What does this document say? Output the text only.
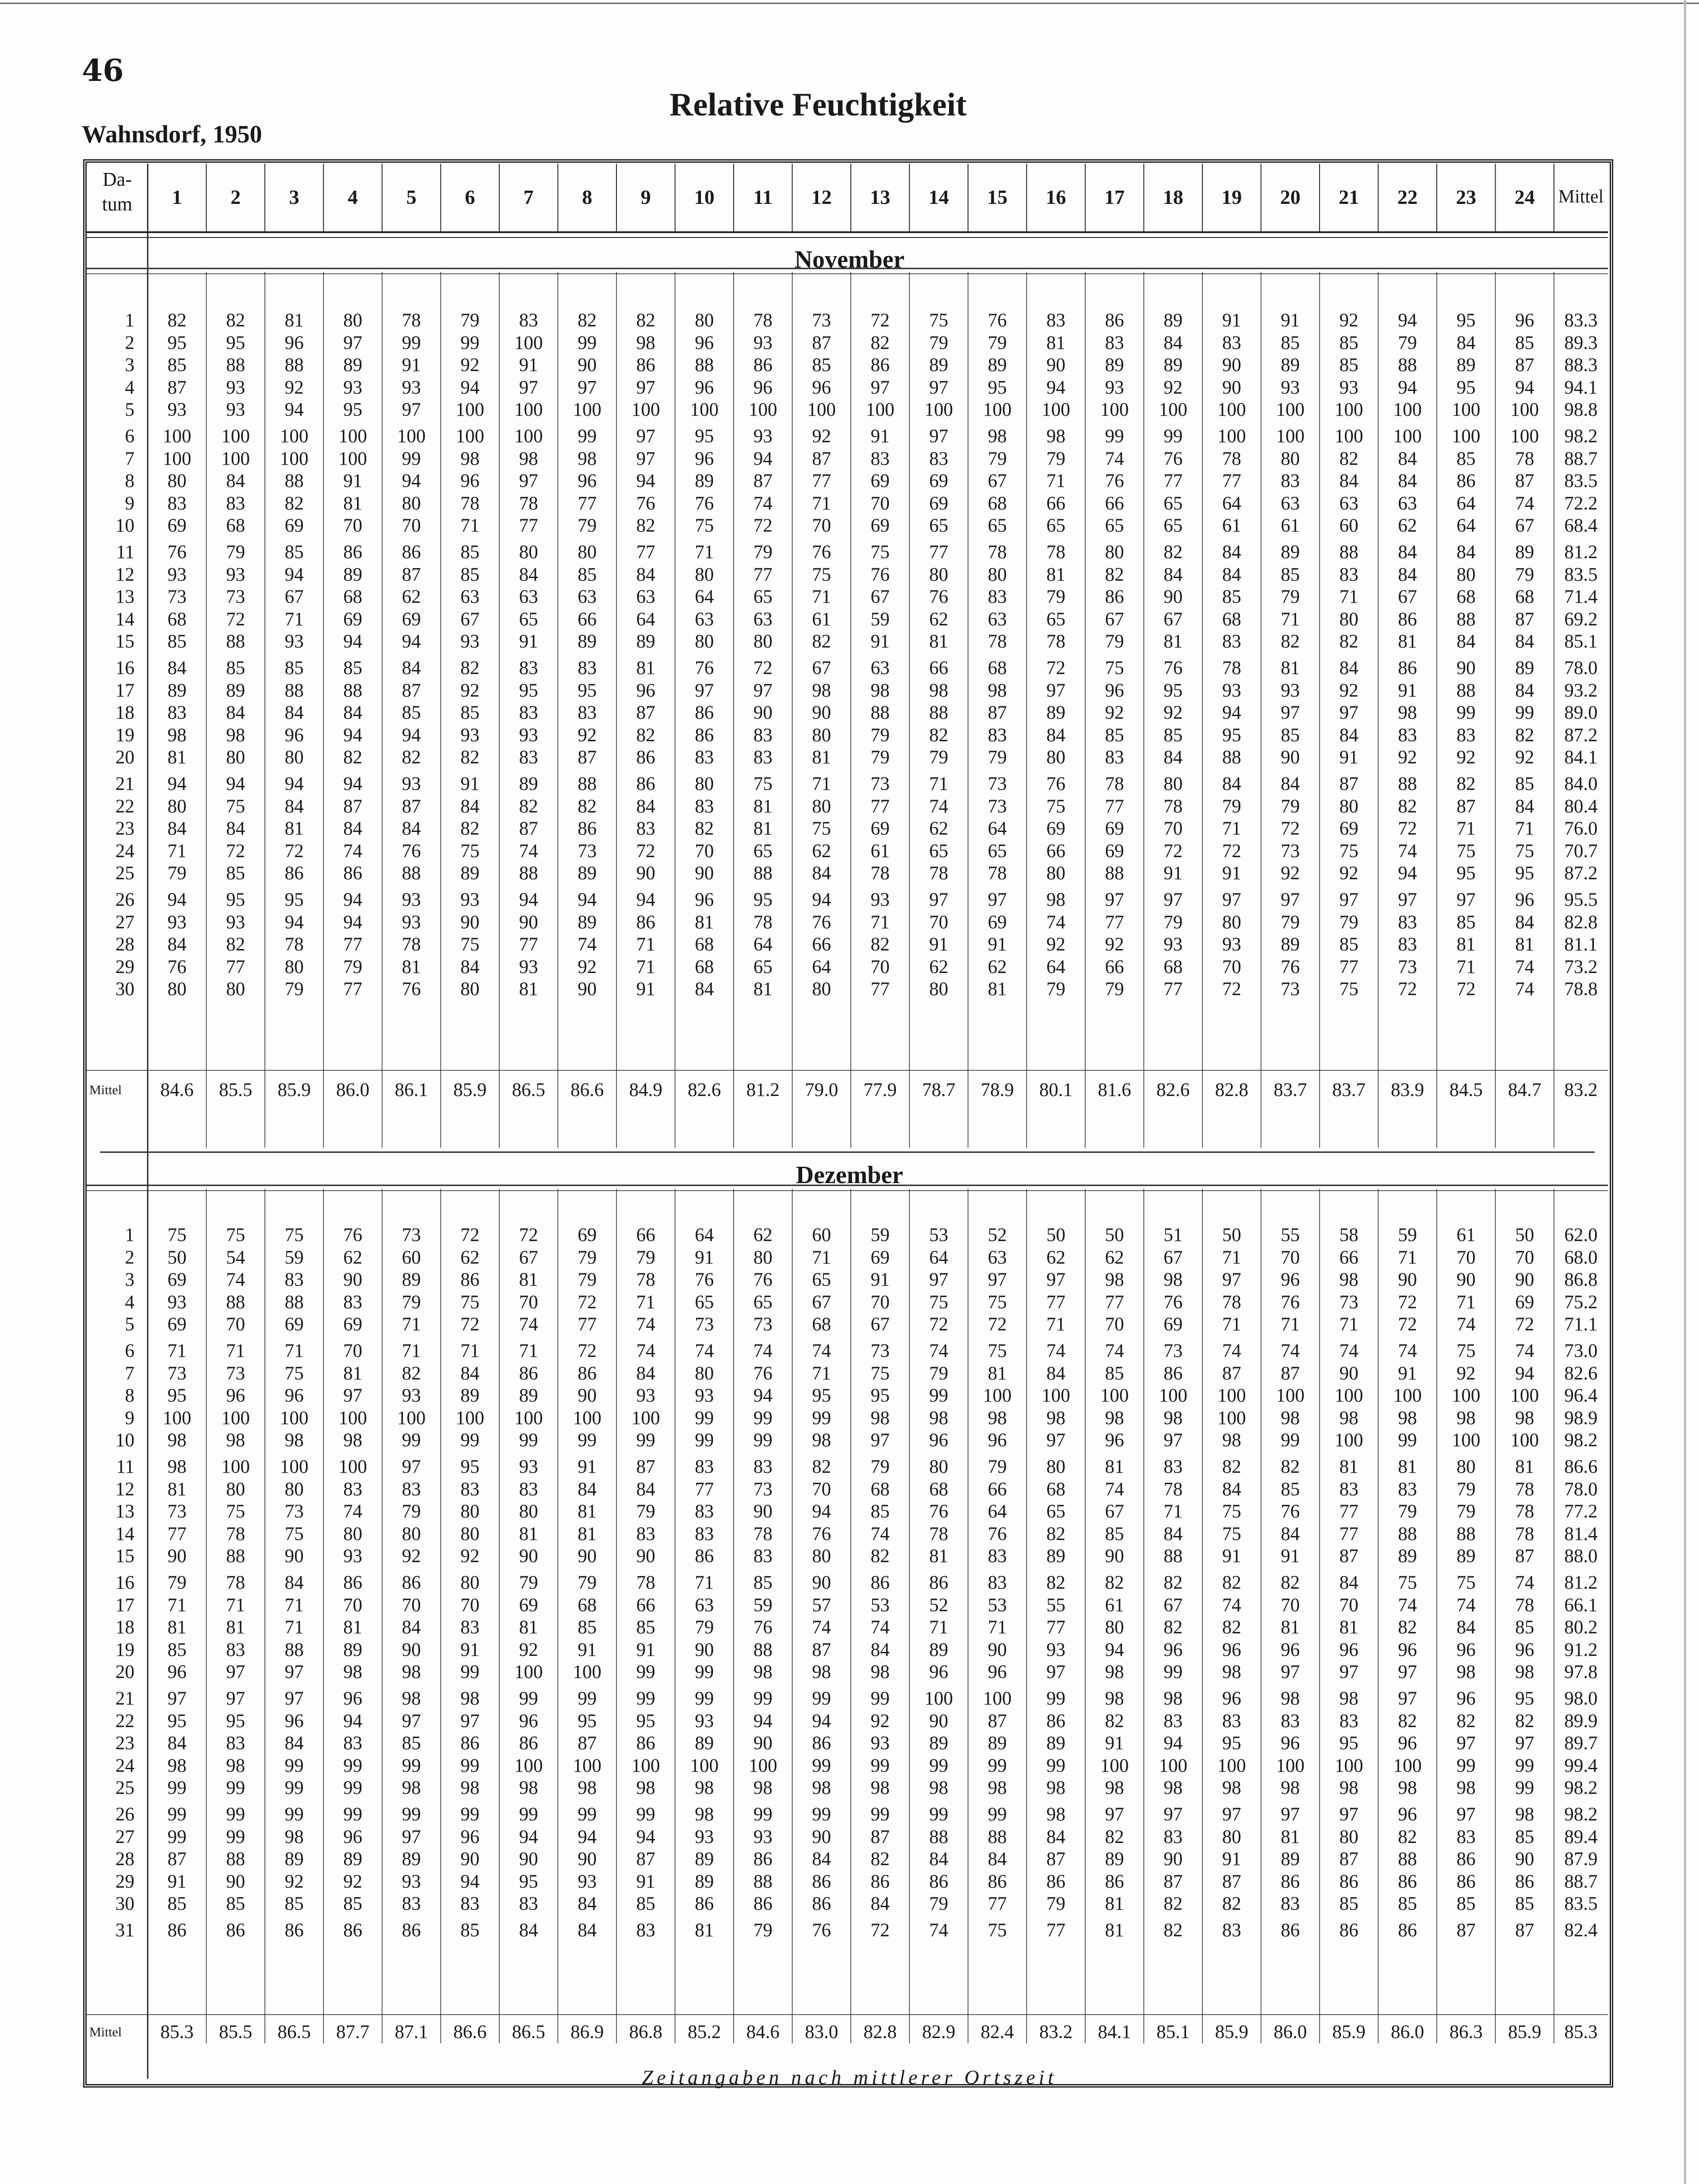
46
Relative Feuchtigkeit
Wahnsdorf, 1950
Da-
tum	1	2	3	4	5	6	7	8	9	10	11	12	13	14	15	16	17	18	19	20	21	22	23	24	Mittel
November
Dezember
1	82	82	81	80	78	79	83	82	82	80	78	73	72	75	76	83	86	89	91	91	92	94	95	96	83.3
2	95	95	96	97	99	99	100	99	98	96	93	87	82	79	79	81	83	84	83	85	85	79	84	85	89.3
3	85	88	88	89	91	92	91	90	86	88	86	85	86	89	89	90	89	89	90	89	85	88	89	87	88.3
4	87	93	92	93	93	94	97	97	97	96	96	96	97	97	95	94	93	92	90	93	93	94	95	94	94.1
5	93	93	94	95	97	100	100	100	100	100	100	100	100	100	100	100	100	100	100	100	100	100	100	100	98.8
6	100	100	100	100	100	100	100	99	97	95	93	92	91	97	98	98	99	99	100	100	100	100	100	100	98.2
7	100	100	100	100	99	98	98	98	97	96	94	87	83	83	79	79	74	76	78	80	82	84	85	78	88.7
8	80	84	88	91	94	96	97	96	94	89	87	77	69	69	67	71	76	77	77	83	84	84	86	87	83.5
9	83	83	82	81	80	78	78	77	76	76	74	71	70	69	68	66	66	65	64	63	63	63	64	74	72.2
10	69	68	69	70	70	71	77	79	82	75	72	70	69	65	65	65	65	65	61	61	60	62	64	67	68.4
11	76	79	85	86	86	85	80	80	77	71	79	76	75	77	78	78	80	82	84	89	88	84	84	89	81.2
12	93	93	94	89	87	85	84	85	84	80	77	75	76	80	80	81	82	84	84	85	83	84	80	79	83.5
13	73	73	67	68	62	63	63	63	63	64	65	71	67	76	83	79	86	90	85	79	71	67	68	68	71.4
14	68	72	71	69	69	67	65	66	64	63	63	61	59	62	63	65	67	67	68	71	80	86	88	87	69.2
15	85	88	93	94	94	93	91	89	89	80	80	82	91	81	78	78	79	81	83	82	82	81	84	84	85.1
16	84	85	85	85	84	82	83	83	81	76	72	67	63	66	68	72	75	76	78	81	84	86	90	89	78.0
17	89	89	88	88	87	92	95	95	96	97	97	98	98	98	98	97	96	95	93	93	92	91	88	84	93.2
18	83	84	84	84	85	85	83	83	87	86	90	90	88	88	87	89	92	92	94	97	97	98	99	99	89.0
19	98	98	96	94	94	93	93	92	82	86	83	80	79	82	83	84	85	85	95	85	84	83	83	82	87.2
20	81	80	80	82	82	82	83	87	86	83	83	81	79	79	79	80	83	84	88	90	91	92	92	92	84.1
21	94	94	94	94	93	91	89	88	86	80	75	71	73	71	73	76	78	80	84	84	87	88	82	85	84.0
22	80	75	84	87	87	84	82	82	84	83	81	80	77	74	73	75	77	78	79	79	80	82	87	84	80.4
23	84	84	81	84	84	82	87	86	83	82	81	75	69	62	64	69	69	70	71	72	69	72	71	71	76.0
24	71	72	72	74	76	75	74	73	72	70	65	62	61	65	65	66	69	72	72	73	75	74	75	75	70.7
25	79	85	86	86	88	89	88	89	90	90	88	84	78	78	78	80	88	91	91	92	92	94	95	95	87.2
26	94	95	95	94	93	93	94	94	94	96	95	94	93	97	97	98	97	97	97	97	97	97	97	96	95.5
27	93	93	94	94	93	90	90	89	86	81	78	76	71	70	69	74	77	79	80	79	79	83	85	84	82.8
28	84	82	78	77	78	75	77	74	71	68	64	66	82	91	91	92	92	93	93	89	85	83	81	81	81.1
29	76	77	80	79	81	84	93	92	71	68	65	64	70	62	62	64	66	68	70	76	77	73	71	74	73.2
30	80	80	79	77	76	80	81	90	91	84	81	80	77	80	81	79	79	77	72	73	75	72	72	74	78.8
Mittel	84.6	85.5	85.9	86.0	86.1	85.9	86.5	86.6	84.9	82.6	81.2	79.0	77.9	78.7	78.9	80.1	81.6	82.6	82.8	83.7	83.7	83.9	84.5	84.7	83.2
1	75	75	75	76	73	72	72	69	66	64	62	60	59	53	52	50	50	51	50	55	58	59	61	50	62.0
2	50	54	59	62	60	62	67	79	79	91	80	71	69	64	63	62	62	67	71	70	66	71	70	70	68.0
3	69	74	83	90	89	86	81	79	78	76	76	65	91	97	97	97	98	98	97	96	98	90	90	90	86.8
4	93	88	88	83	79	75	70	72	71	65	65	67	70	75	75	77	77	76	78	76	73	72	71	69	75.2
5	69	70	69	69	71	72	74	77	74	73	73	68	67	72	72	71	70	69	71	71	71	72	74	72	71.1
6	71	71	71	70	71	71	71	72	74	74	74	74	73	74	75	74	74	73	74	74	74	74	75	74	73.0
7	73	73	75	81	82	84	86	86	84	80	76	71	75	79	81	84	85	86	87	87	90	91	92	94	82.6
8	95	96	96	97	93	89	89	90	93	93	94	95	95	99	100	100	100	100	100	100	100	100	100	100	96.4
9	100	100	100	100	100	100	100	100	100	99	99	99	98	98	98	98	98	98	100	98	98	98	98	98	98.9
10	98	98	98	98	99	99	99	99	99	99	99	98	97	96	96	97	96	97	98	99	100	99	100	100	98.2
11	98	100	100	100	97	95	93	91	87	83	83	82	79	80	79	80	81	83	82	82	81	81	80	81	86.6
12	81	80	80	83	83	83	83	84	84	77	73	70	68	68	66	68	74	78	84	85	83	83	79	78	78.0
13	73	75	73	74	79	80	80	81	79	83	90	94	85	76	64	65	67	71	75	76	77	79	79	78	77.2
14	77	78	75	80	80	80	81	81	83	83	78	76	74	78	76	82	85	84	75	84	77	88	88	78	81.4
15	90	88	90	93	92	92	90	90	90	86	83	80	82	81	83	89	90	88	91	91	87	89	89	87	88.0
16	79	78	84	86	86	80	79	79	78	71	85	90	86	86	83	82	82	82	82	82	84	75	75	74	81.2
17	71	71	71	70	70	70	69	68	66	63	59	57	53	52	53	55	61	67	74	70	70	74	74	78	66.1
18	81	81	71	81	84	83	81	85	85	79	76	74	74	71	71	77	80	82	82	81	81	82	84	85	80.2
19	85	83	88	89	90	91	92	91	91	90	88	87	84	89	90	93	94	96	96	96	96	96	96	96	91.2
20	96	97	97	98	98	99	100	100	99	99	98	98	98	96	96	97	98	99	98	97	97	97	98	98	97.8
21	97	97	97	96	98	98	99	99	99	99	99	99	99	100	100	99	98	98	96	98	98	97	96	95	98.0
22	95	95	96	94	97	97	96	95	95	93	94	94	92	90	87	86	82	83	83	83	83	82	82	82	89.9
23	84	83	84	83	85	86	86	87	86	89	90	86	93	89	89	89	91	94	95	96	95	96	97	97	89.7
24	98	98	99	99	99	99	100	100	100	100	100	99	99	99	99	99	100	100	100	100	100	100	99	99	99.4
25	99	99	99	99	98	98	98	98	98	98	98	98	98	98	98	98	98	98	98	98	98	98	98	99	98.2
26	99	99	99	99	99	99	99	99	99	98	99	99	99	99	99	98	97	97	97	97	97	96	97	98	98.2
27	99	99	98	96	97	96	94	94	94	93	93	90	87	88	88	84	82	83	80	81	80	82	83	85	89.4
28	87	88	89	89	89	90	90	90	87	89	86	84	82	84	84	87	89	90	91	89	87	88	86	90	87.9
29	91	90	92	92	93	94	95	93	91	89	88	86	86	86	86	86	86	87	87	86	86	86	86	86	88.7
30	85	85	85	85	83	83	83	84	85	86	86	86	84	79	77	79	81	82	82	83	85	85	85	85	83.5
31	86	86	86	86	86	85	84	84	83	81	79	76	72	74	75	77	81	82	83	86	86	86	87	87	82.4
Mittel	85.3	85.5	86.5	87.7	87.1	86.6	86.5	86.9	86.8	85.2	84.6	83.0	82.8	82.9	82.4	83.2	84.1	85.1	85.9	86.0	85.9	86.0	86.3	85.9	85.3
Zeitangaben nach mittlerer Ortszeit
